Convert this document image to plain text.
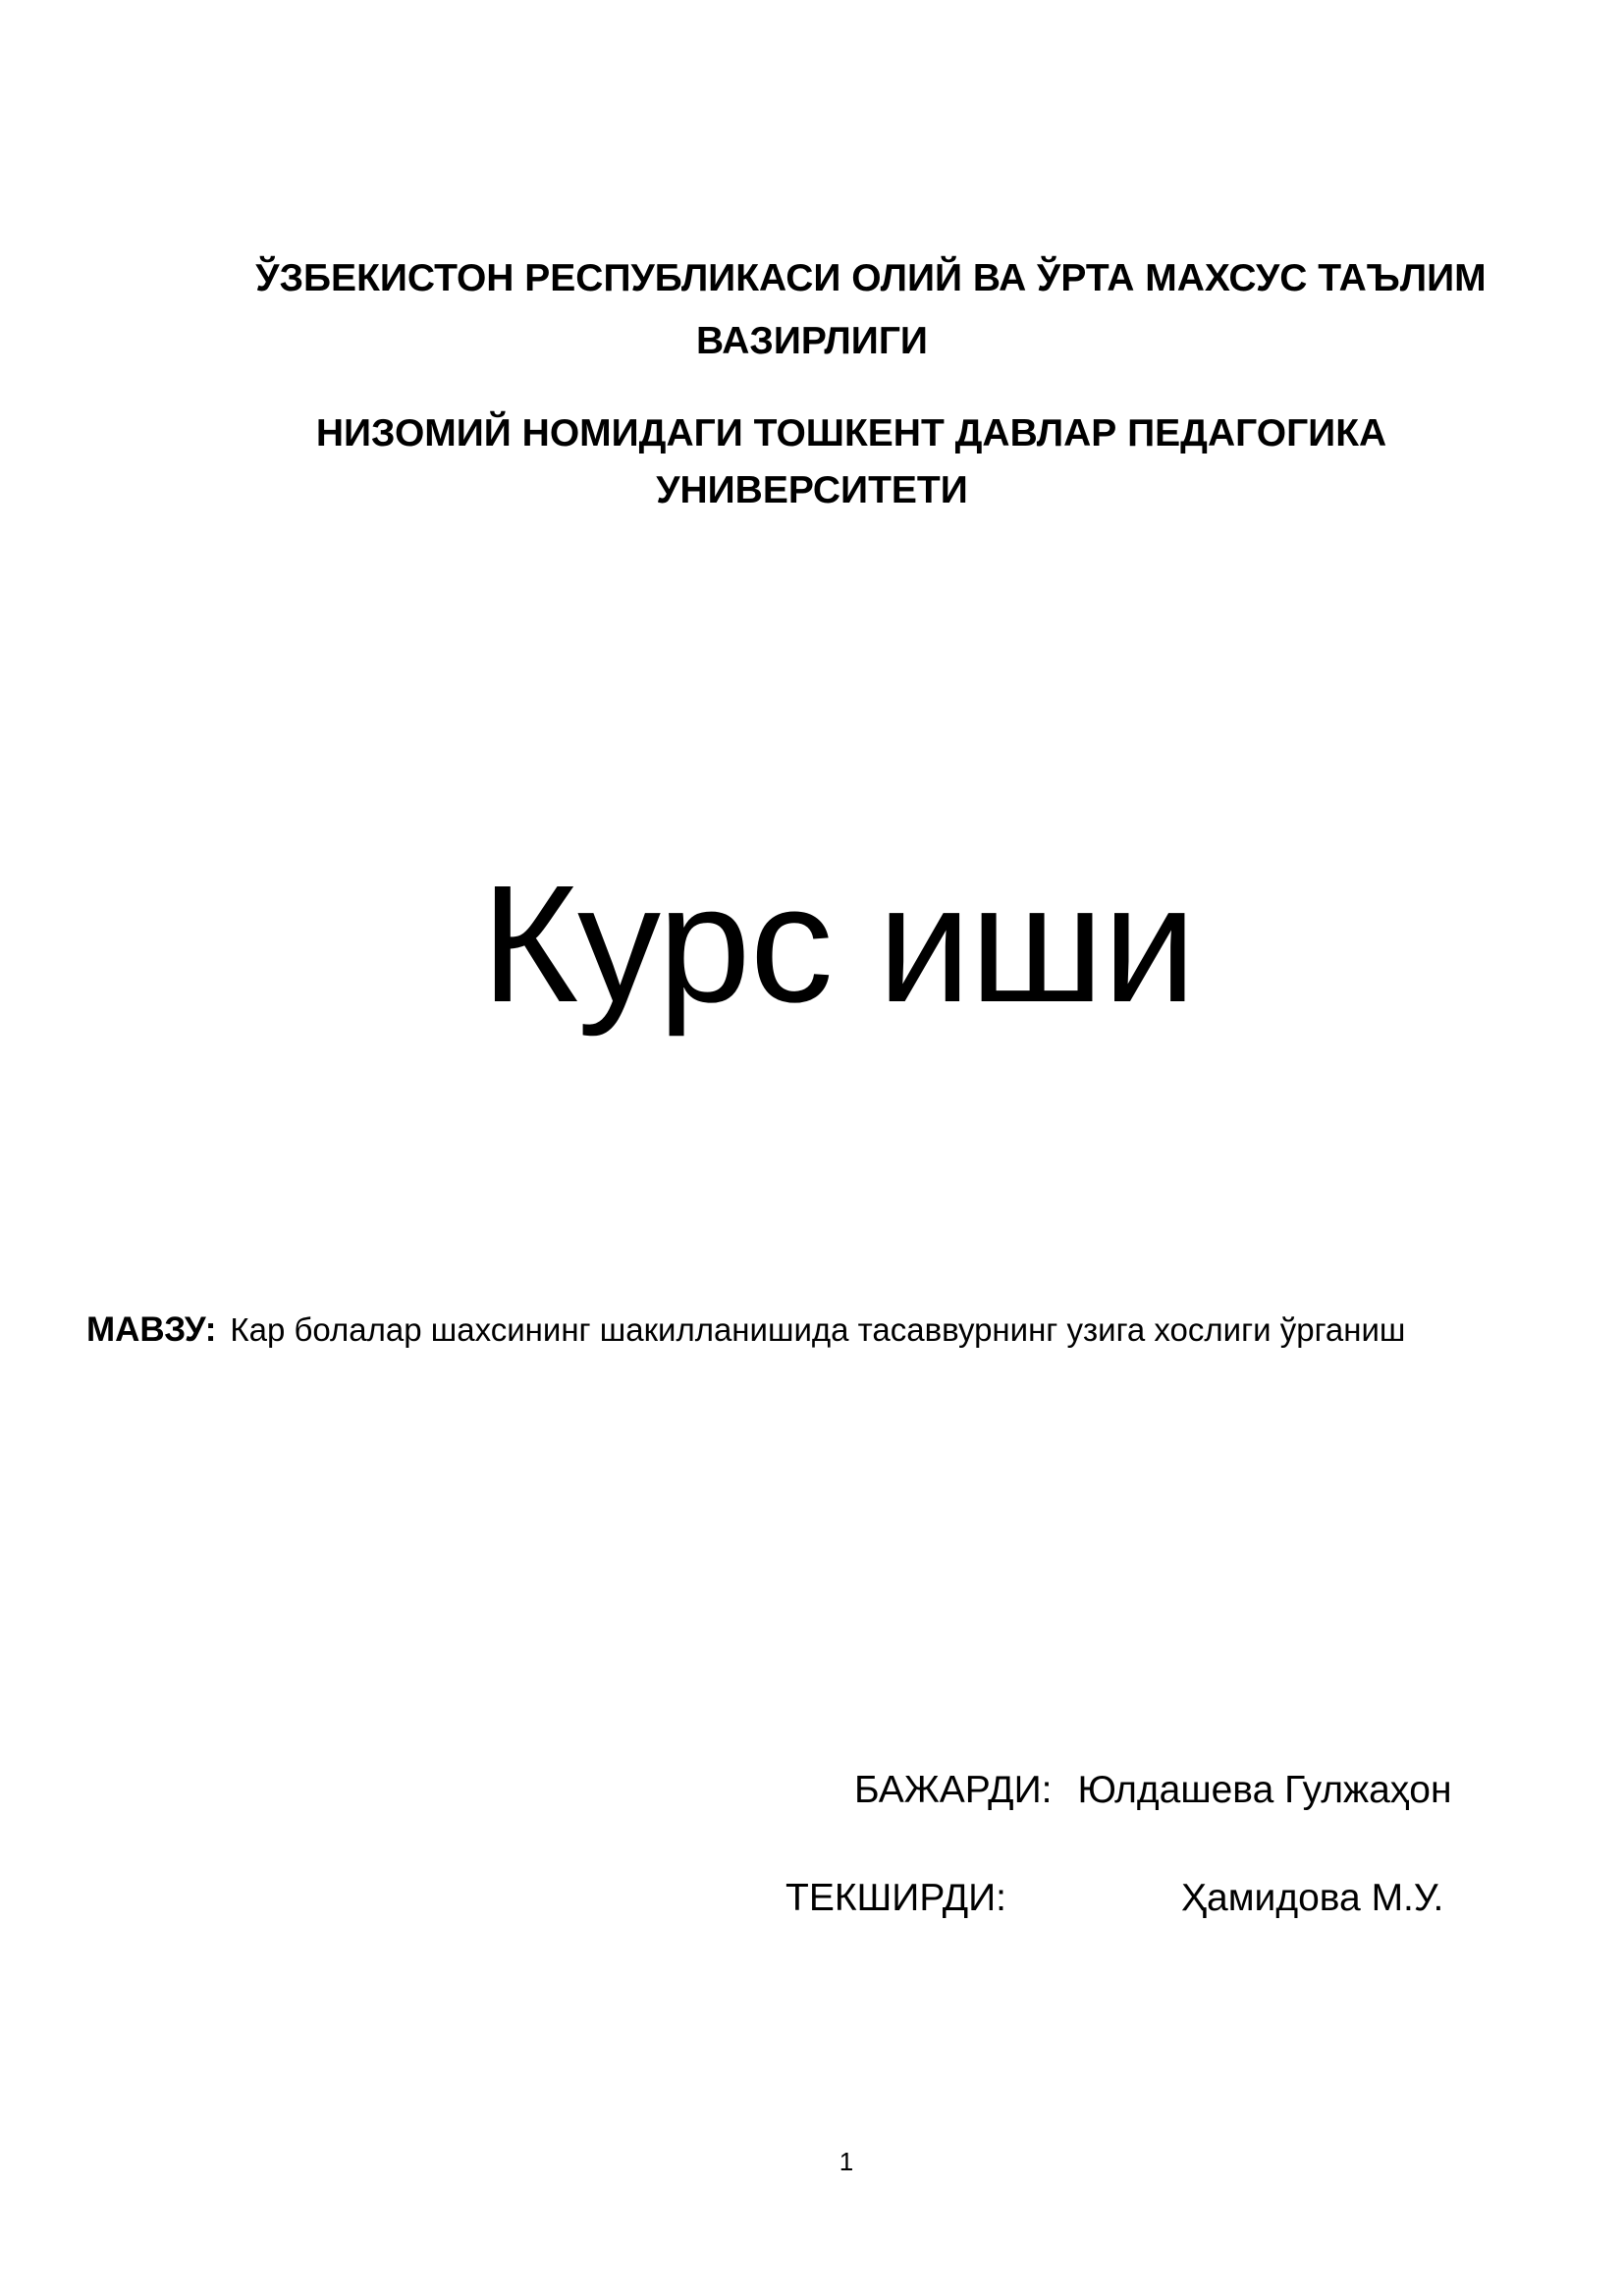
ЎЗБЕКИСТОН РЕСПУБЛИКАСИ ОЛИЙ ВА ЎРТА МАХСУС ТАЪЛИМ
ВАЗИРЛИГИ
НИЗОМИЙ НОМИДАГИ ТОШКЕНТ ДАВЛАР ПЕДАГОГИКА
УНИВЕРСИТЕТИ
Курс иши
МАВЗУ: Кар болалар шахсининг шакилланишида тасаввурнинг узига хослиги ўрганиш
БАЖАРДИ: Юлдашева Гулжаҳон
ТЕКШИРДИ:	Ҳамидова М.У.
1
